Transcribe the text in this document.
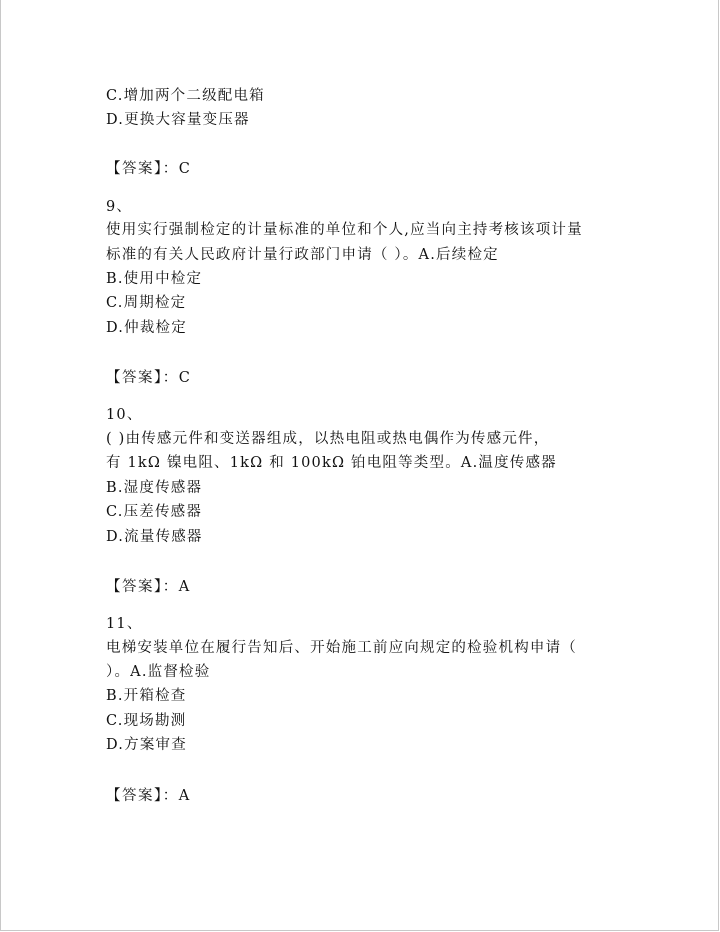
C.增加两个二级配电箱
D.更换大容量变压器
【答案】：C
9、
使用实行强制检定的计量标准的单位和个人,应当向主持考核该项计量
标准的有关人民政府计量行政部门申请（ ）。A.后续检定
B.使用中检定
C.周期检定
D.仲裁检定
【答案】：C
10、
( )由传感元件和变送器组成，以热电阻或热电偶作为传感元件，
有 1kΩ 镍电阻、1kΩ 和 100kΩ 铂电阻等类型。A.温度传感器
B.湿度传感器
C.压差传感器
D.流量传感器
【答案】：A
11、
电梯安装单位在履行告知后、开始施工前应向规定的检验机构申请（
）。A.监督检验
B.开箱检查
C.现场勘测
D.方案审查
【答案】：A
